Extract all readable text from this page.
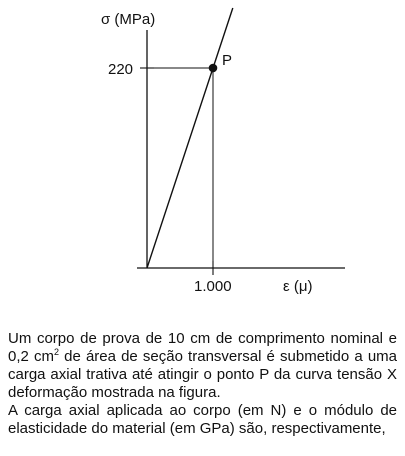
σ (MPa)
ε (μ)
220
1.000
P

Um corpo de prova de 10 cm de comprimento nominal e 0,2 $cm^2$ de área de seção transversal é submetido a uma carga axial trativa até atingir o ponto P da curva tensão X deformação mostrada na figura.

A carga axial aplicada ao corpo (em N) e o módulo de elasticidade do material (em GPa) são, respectivamente,
